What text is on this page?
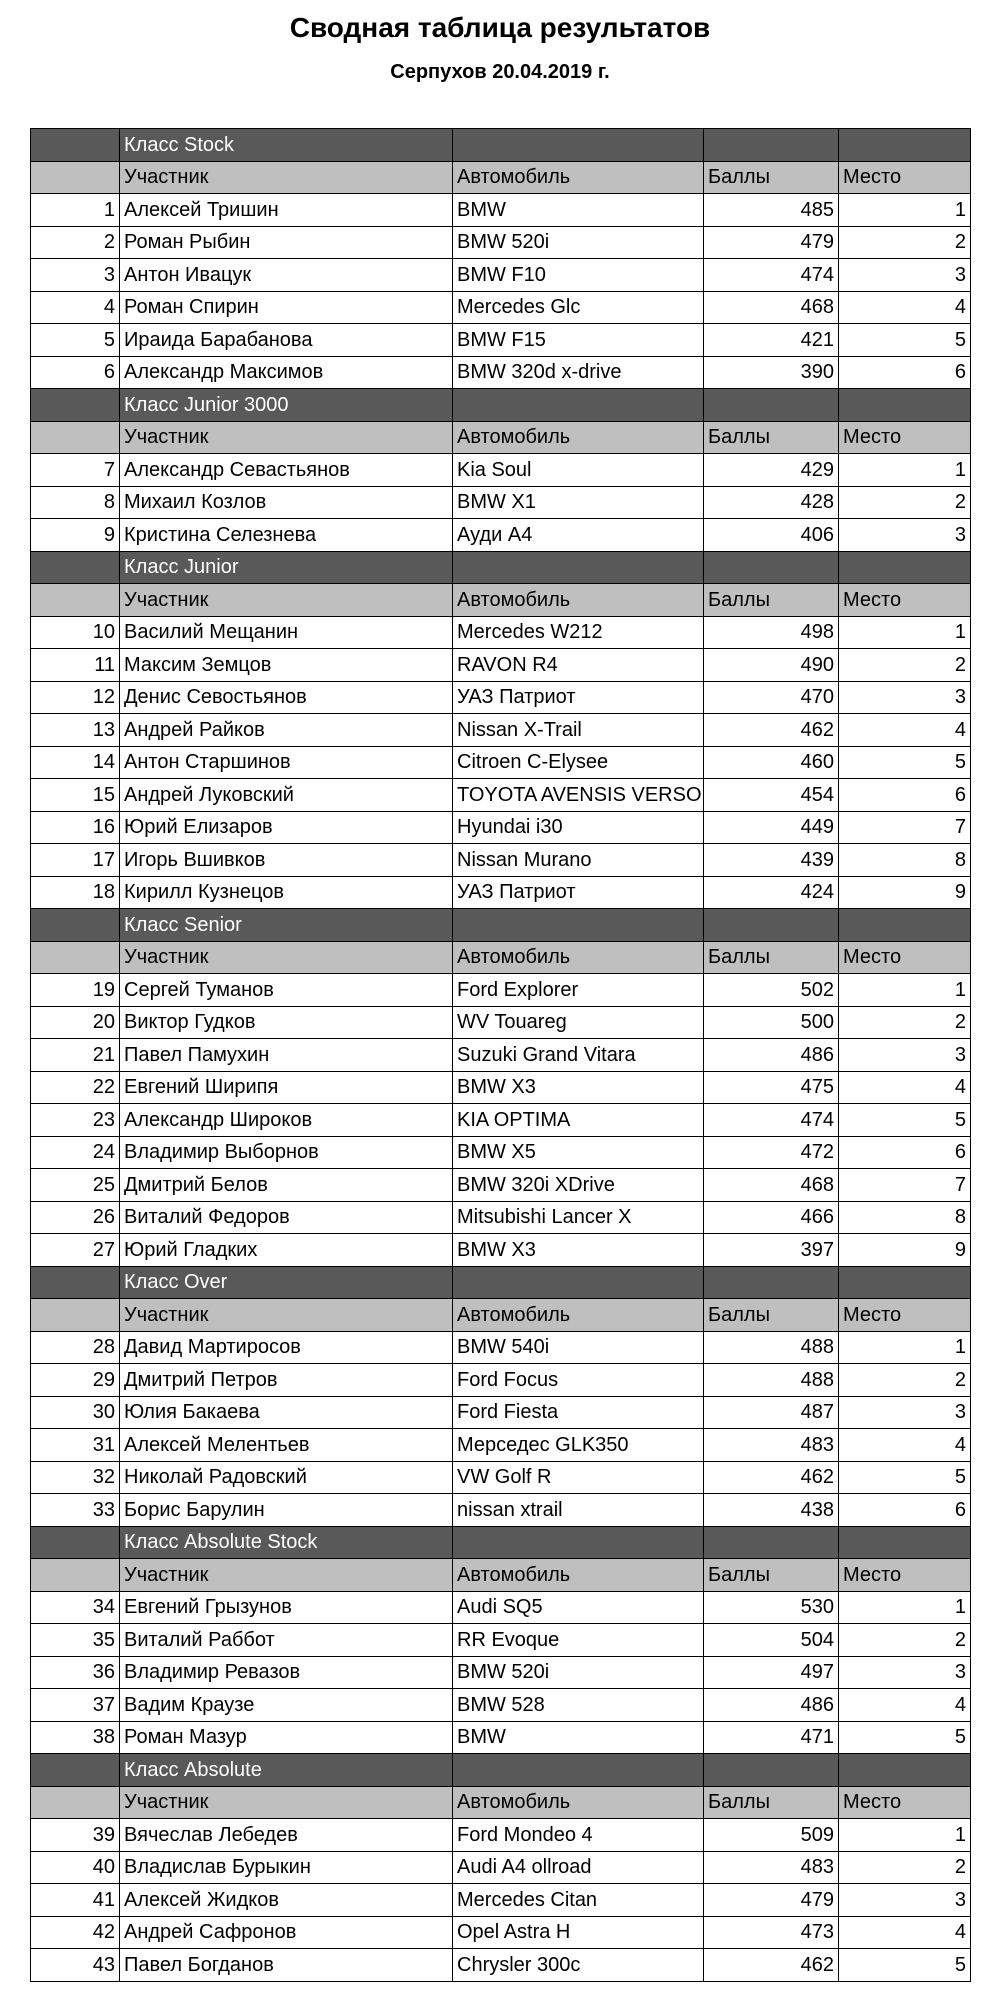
Сводная таблица результатов
Серпухов 20.04.2019 г.
	Класс Stock			
	Участник	Автомобиль	Баллы	Место
1	Алексей Тришин	BMW	485	1
2	Роман Рыбин	BMW 520i	479	2
3	Антон Ивацук	BMW F10	474	3
4	Роман Спирин	Mercedes Glc	468	4
5	Ираида Барабанова	BMW F15	421	5
6	Александр Максимов	BMW 320d x-drive	390	6
	Класс Junior 3000			
	Участник	Автомобиль	Баллы	Место
7	Александр Севастьянов	Kia Soul	429	1
8	Михаил Козлов	BMW X1	428	2
9	Кристина Селезнева	Ауди А4	406	3
	Класс Junior			
	Участник	Автомобиль	Баллы	Место
10	Василий Мещанин	Mercedes W212	498	1
11	Максим Земцов	RAVON R4	490	2
12	Денис Севостьянов	УАЗ Патриот	470	3
13	Андрей Райков	Nissan X-Trail	462	4
14	Антон Старшинов	Citroen C-Elysee	460	5
15	Андрей Луковский	TOYOTA AVENSIS VERSO	454	6
16	Юрий Елизаров	Hyundai i30	449	7
17	Игорь Вшивков	Nissan Murano	439	8
18	Кирилл Кузнецов	УАЗ Патриот	424	9
	Класс Senior			
	Участник	Автомобиль	Баллы	Место
19	Сергей Туманов	Ford Explorer	502	1
20	Виктор Гудков	WV Touareg	500	2
21	Павел Памухин	Suzuki Grand Vitara	486	3
22	Евгений Ширипя	BMW X3	475	4
23	Александр Широков	KIA OPTIMA	474	5
24	Владимир Выборнов	BMW X5	472	6
25	Дмитрий Белов	BMW 320i XDrive	468	7
26	Виталий Федоров	Mitsubishi Lancer X	466	8
27	Юрий Гладких	BMW X3	397	9
	Класс Over			
	Участник	Автомобиль	Баллы	Место
28	Давид Мартиросов	BMW 540i	488	1
29	Дмитрий Петров	Ford Focus	488	2
30	Юлия Бакаева	Ford Fiesta	487	3
31	Алексей Мелентьев	Мерседес GLK350	483	4
32	Николай Радовский	VW Golf R	462	5
33	Борис Барулин	nissan xtrail	438	6
	Класс Absolute Stock			
	Участник	Автомобиль	Баллы	Место
34	Евгений Грызунов	Audi SQ5	530	1
35	Виталий Раббот	RR Evoque	504	2
36	Владимир Ревазов	BMW 520i	497	3
37	Вадим Краузе	BMW 528	486	4
38	Роман Мазур	BMW	471	5
	Класс Absolute			
	Участник	Автомобиль	Баллы	Место
39	Вячеслав Лебедев	Ford Mondeo 4	509	1
40	Владислав Бурыкин	Audi A4 ollroad	483	2
41	Алексей Жидков	Mercedes Citan	479	3
42	Андрей Сафронов	Opel Astra H	473	4
43	Павел Богданов	Chrysler 300c	462	5
